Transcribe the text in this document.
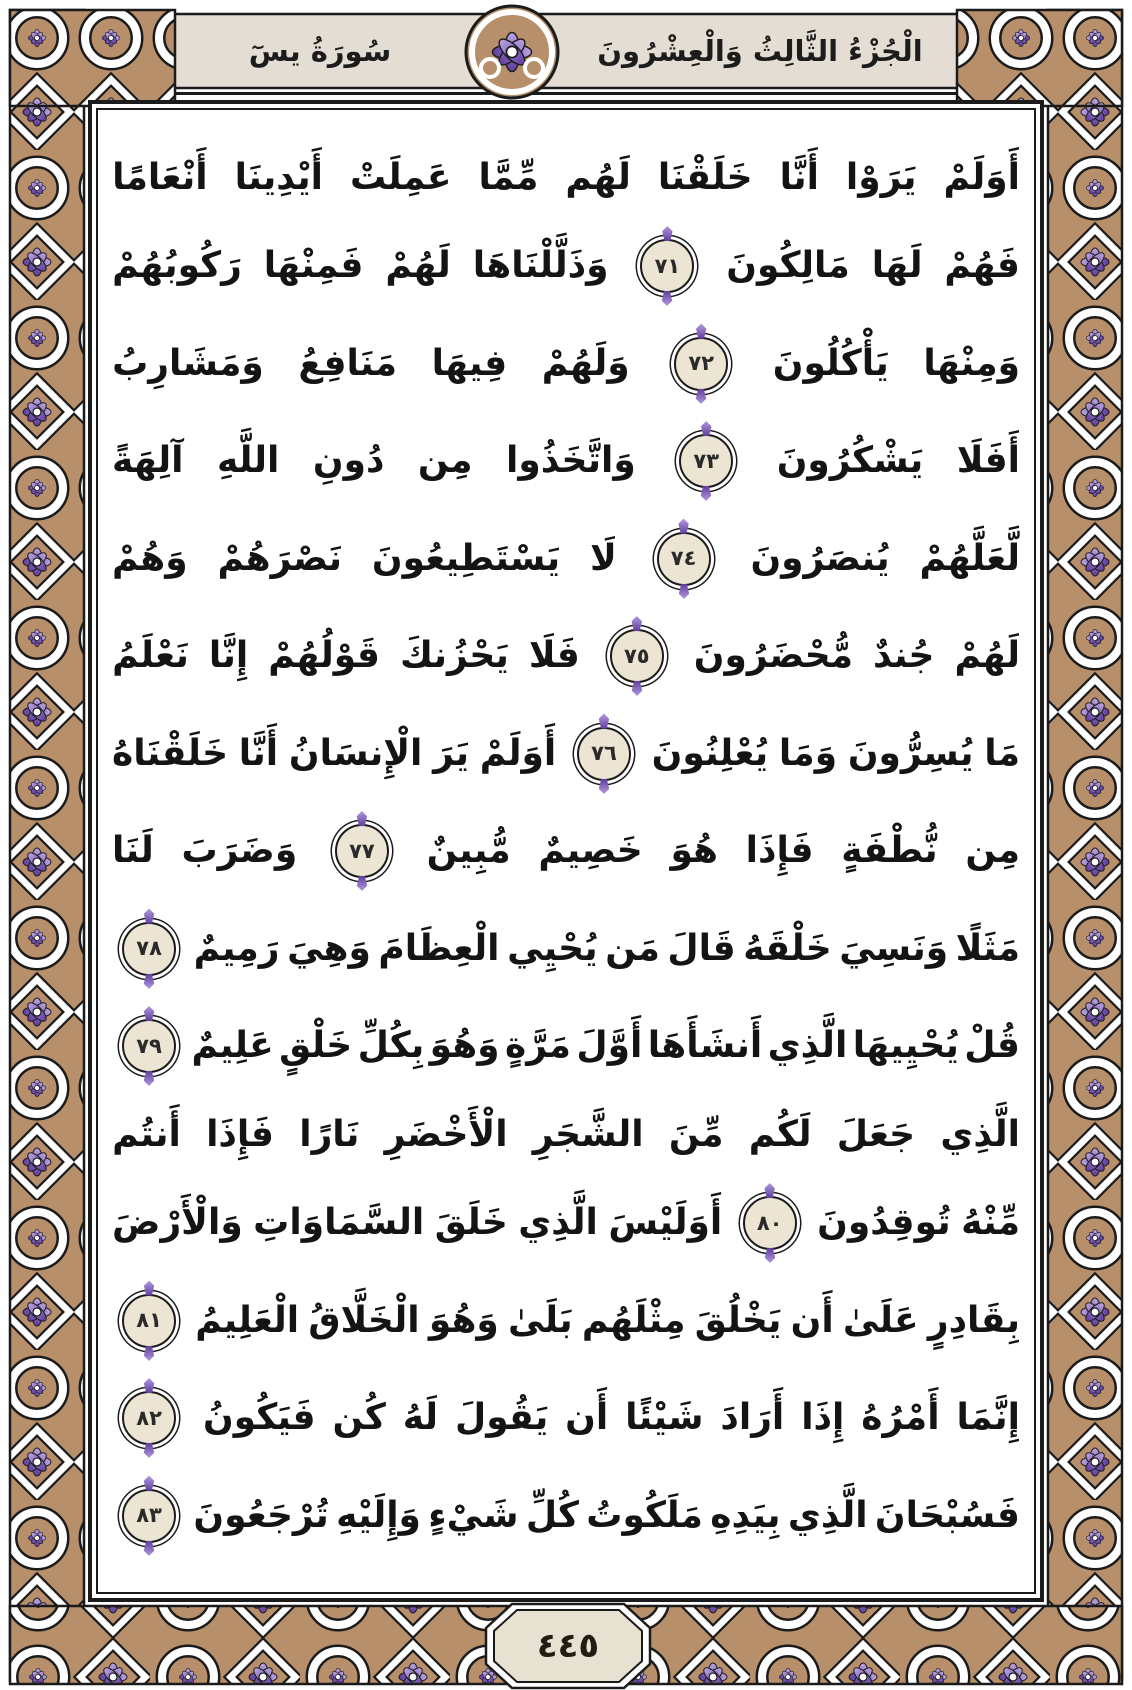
سُورَةُ يسٓ	الْجُزْءُ الثَّالِثُ وَالْعِشْرُونَ
أَوَلَمْ
يَرَوْا
أَنَّا
خَلَقْنَا
لَهُم
مِّمَّا
عَمِلَتْ
أَيْدِينَا
أَنْعَامًا
فَهُمْ
لَهَا
مَالِكُونَ
٧١
وَذَلَّلْنَاهَا
لَهُمْ
فَمِنْهَا
رَكُوبُهُمْ
وَمِنْهَا
يَأْكُلُونَ
٧٢
وَلَهُمْ
فِيهَا
مَنَافِعُ
وَمَشَارِبُ
أَفَلَا
يَشْكُرُونَ
٧٣
وَاتَّخَذُوا
مِن
دُونِ
اللَّهِ
آلِهَةً
لَّعَلَّهُمْ
يُنصَرُونَ
٧٤
لَا
يَسْتَطِيعُونَ
نَصْرَهُمْ
وَهُمْ
لَهُمْ
جُندٌ
مُّحْضَرُونَ
٧٥
فَلَا
يَحْزُنكَ
قَوْلُهُمْ
إِنَّا
نَعْلَمُ
مَا
يُسِرُّونَ
وَمَا
يُعْلِنُونَ
٧٦
أَوَلَمْ
يَرَ
الْإِنسَانُ
أَنَّا
خَلَقْنَاهُ
مِن
نُّطْفَةٍ
فَإِذَا
هُوَ
خَصِيمٌ
مُّبِينٌ
٧٧
وَضَرَبَ
لَنَا
مَثَلًا
وَنَسِيَ
خَلْقَهُ
قَالَ
مَن
يُحْيِي
الْعِظَامَ
وَهِيَ
رَمِيمٌ
٧٨
قُلْ
يُحْيِيهَا
الَّذِي
أَنشَأَهَا
أَوَّلَ
مَرَّةٍ
وَهُوَ
بِكُلِّ
خَلْقٍ
عَلِيمٌ
٧٩
الَّذِي
جَعَلَ
لَكُم
مِّنَ
الشَّجَرِ
الْأَخْضَرِ
نَارًا
فَإِذَا
أَنتُم
مِّنْهُ
تُوقِدُونَ
٨٠
أَوَلَيْسَ
الَّذِي
خَلَقَ
السَّمَاوَاتِ
وَالْأَرْضَ
بِقَادِرٍ
عَلَىٰ
أَن
يَخْلُقَ
مِثْلَهُم
بَلَىٰ
وَهُوَ
الْخَلَّاقُ
الْعَلِيمُ
٨١
إِنَّمَا
أَمْرُهُ
إِذَا
أَرَادَ
شَيْئًا
أَن
يَقُولَ
لَهُ
كُن
فَيَكُونُ
٨٢
فَسُبْحَانَ
الَّذِي
بِيَدِهِ
مَلَكُوتُ
كُلِّ
شَيْءٍ
وَإِلَيْهِ
تُرْجَعُونَ
٨٣
٤٤٥
